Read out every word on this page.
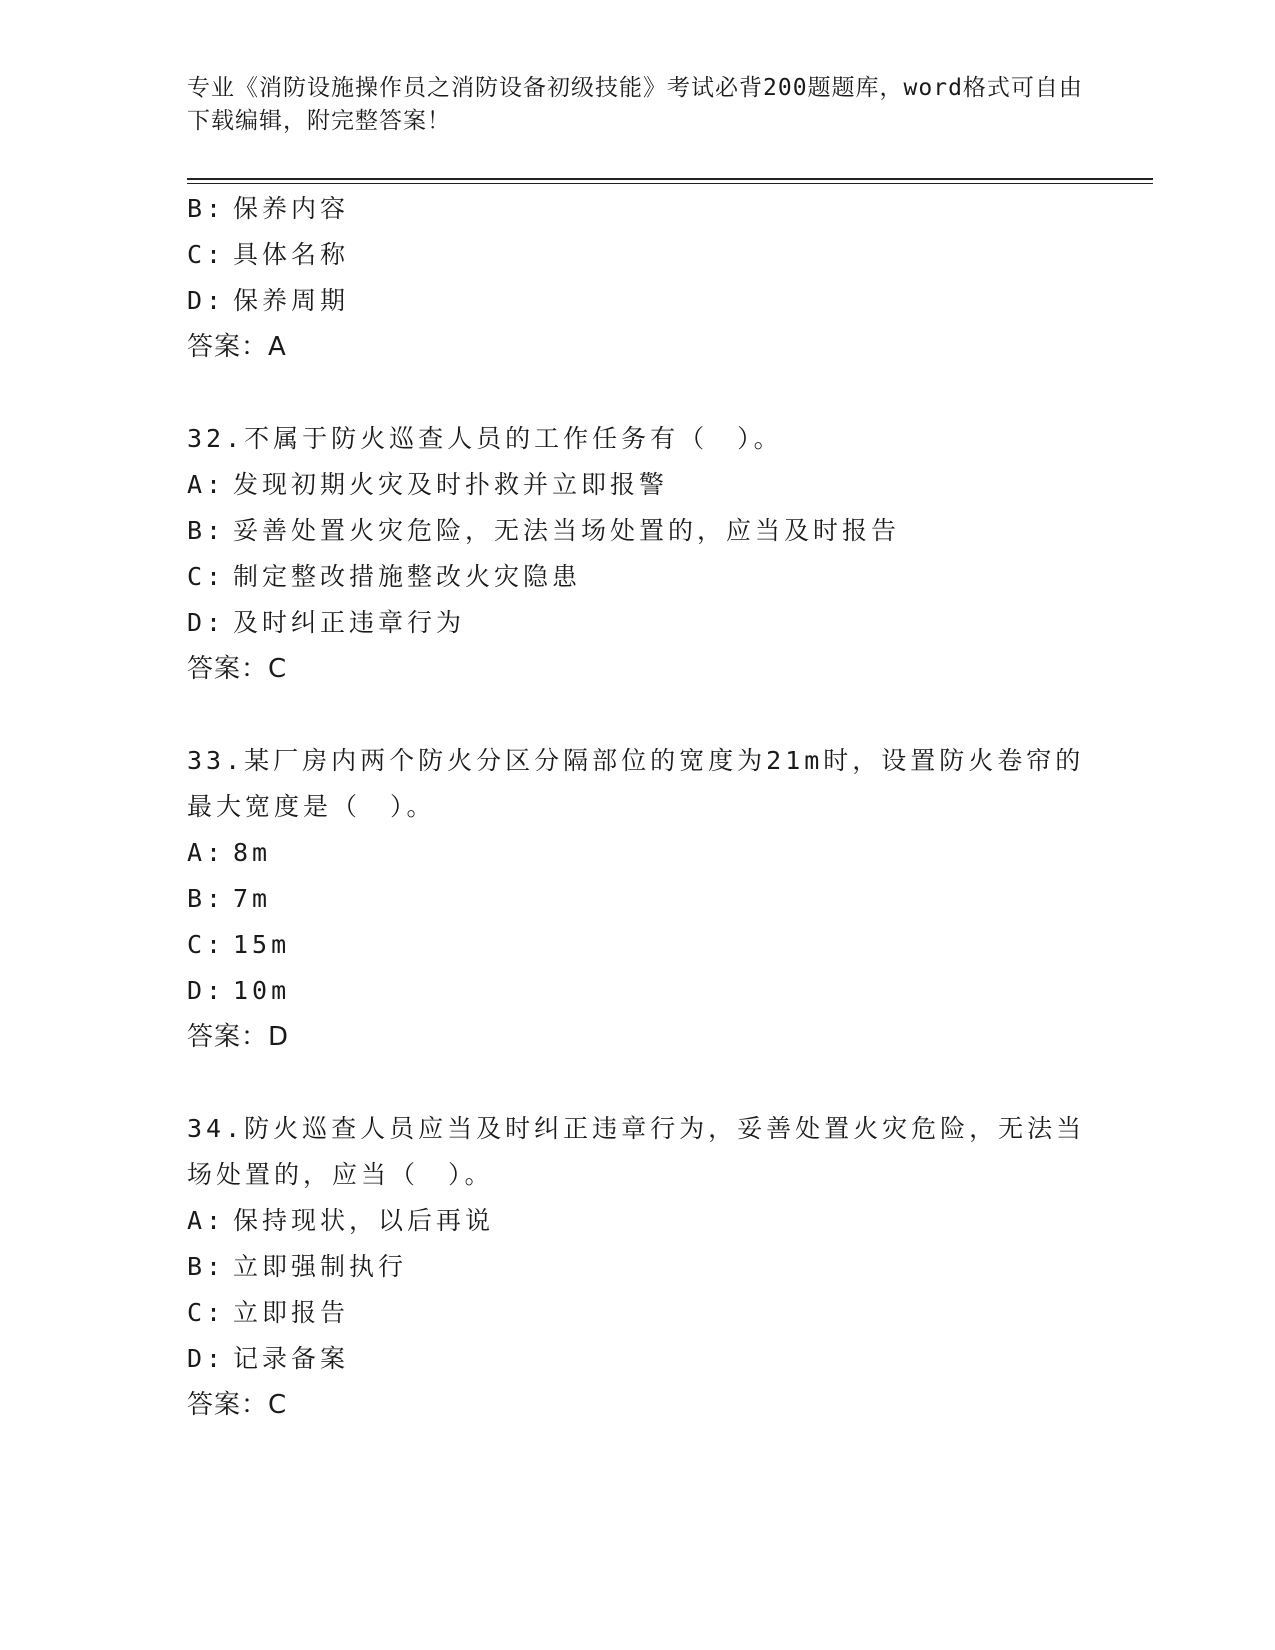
专业《消防设施操作员之消防设备初级技能》考试必背200题题库，word格式可自由下载编辑，附完整答案！
B: 保养内容
C: 具体名称
D: 保养周期
答案：A
32.不属于防火巡查人员的工作任务有（　）。
A: 发现初期火灾及时扑救并立即报警
B: 妥善处置火灾危险，无法当场处置的，应当及时报告
C: 制定整改措施整改火灾隐患
D: 及时纠正违章行为
答案：C
33.某厂房内两个防火分区分隔部位的宽度为21m时，设置防火卷帘的最大宽度是（　）。
A: 8m
B: 7m
C: 15m
D: 10m
答案：D
34.防火巡查人员应当及时纠正违章行为，妥善处置火灾危险，无法当场处置的，应当（　）。
A: 保持现状，以后再说
B: 立即强制执行
C: 立即报告
D: 记录备案
答案：C
